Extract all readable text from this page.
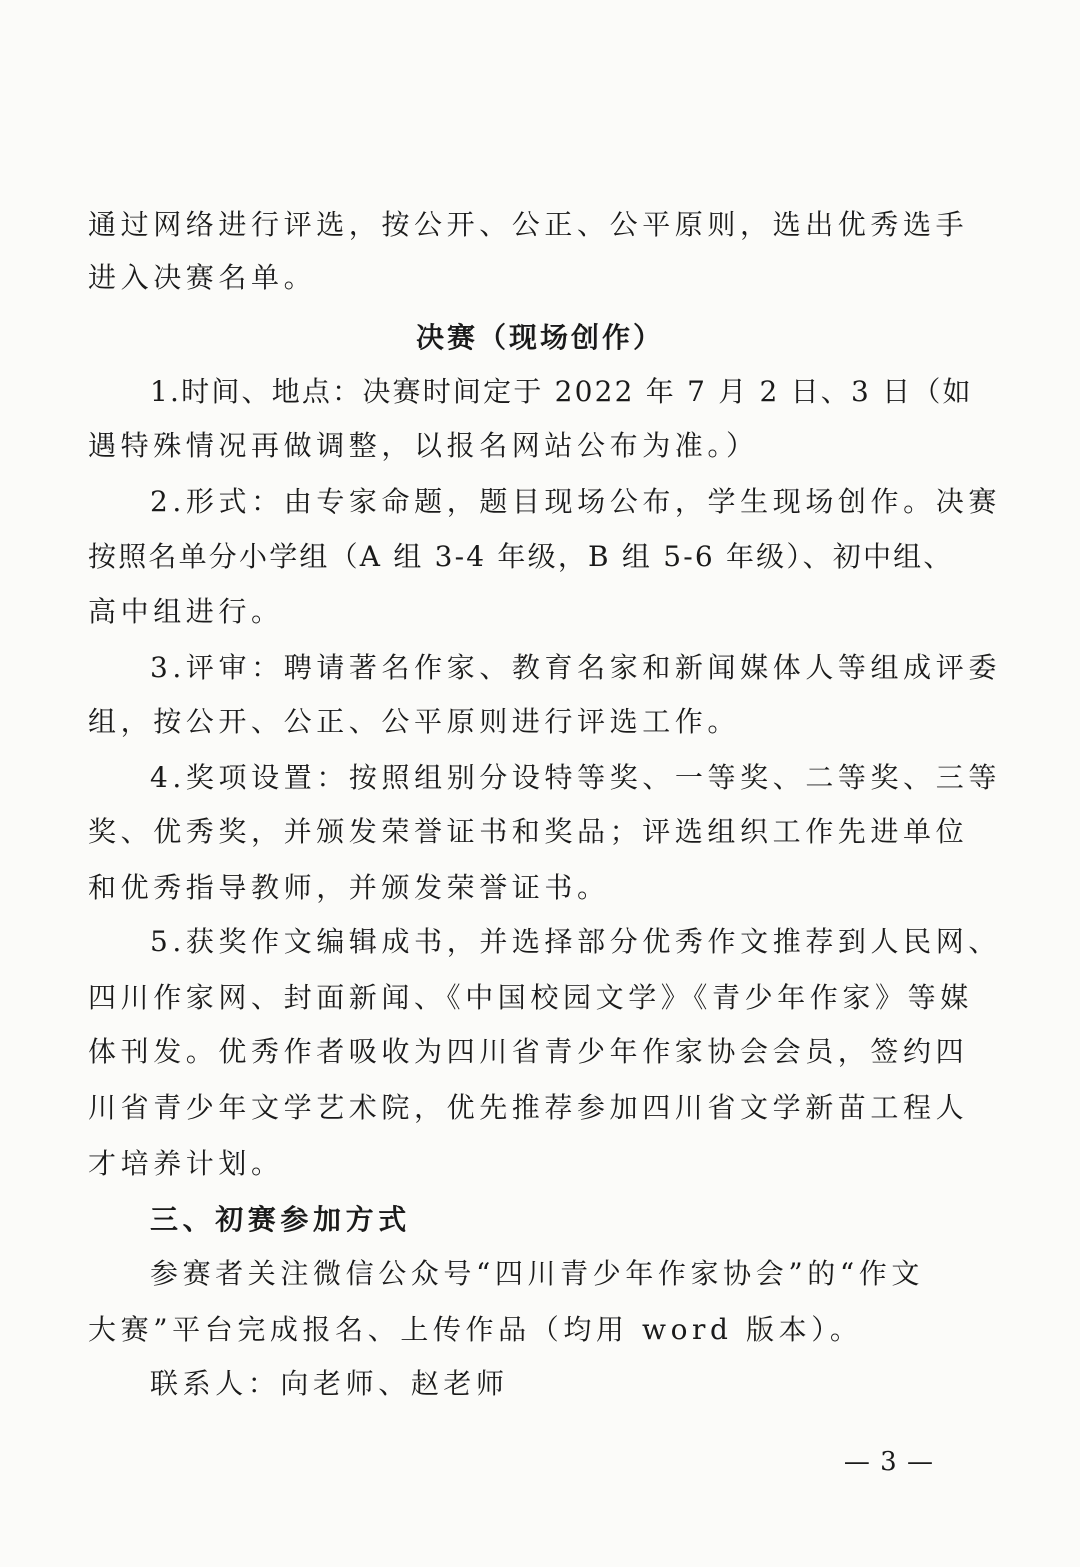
通过网络进行评选，按公开、公正、公平原则，选出优秀选手
进入决赛名单。
决赛（现场创作）
1.时间、地点：决赛时间定于 2022 年 7 月 2 日、3 日（如
遇特殊情况再做调整，以报名网站公布为准。）
2.形式：由专家命题，题目现场公布，学生现场创作。决赛
按照名单分小学组（A 组 3-4 年级，B 组 5-6 年级）、初中组、
高中组进行。
3.评审：聘请著名作家、教育名家和新闻媒体人等组成评委
组，按公开、公正、公平原则进行评选工作。
4.奖项设置：按照组别分设特等奖、一等奖、二等奖、三等
奖、优秀奖，并颁发荣誉证书和奖品；评选组织工作先进单位
和优秀指导教师，并颁发荣誉证书。
5.获奖作文编辑成书，并选择部分优秀作文推荐到人民网、
四川作家网、封面新闻、《中国校园文学》《青少年作家》等媒
体刊发。优秀作者吸收为四川省青少年作家协会会员，签约四
川省青少年文学艺术院，优先推荐参加四川省文学新苗工程人
才培养计划。
三、初赛参加方式
参赛者关注微信公众号“四川青少年作家协会”的“作文
大赛”平台完成报名、上传作品（均用 word 版本）。
联系人：向老师、赵老师
— 3 —
